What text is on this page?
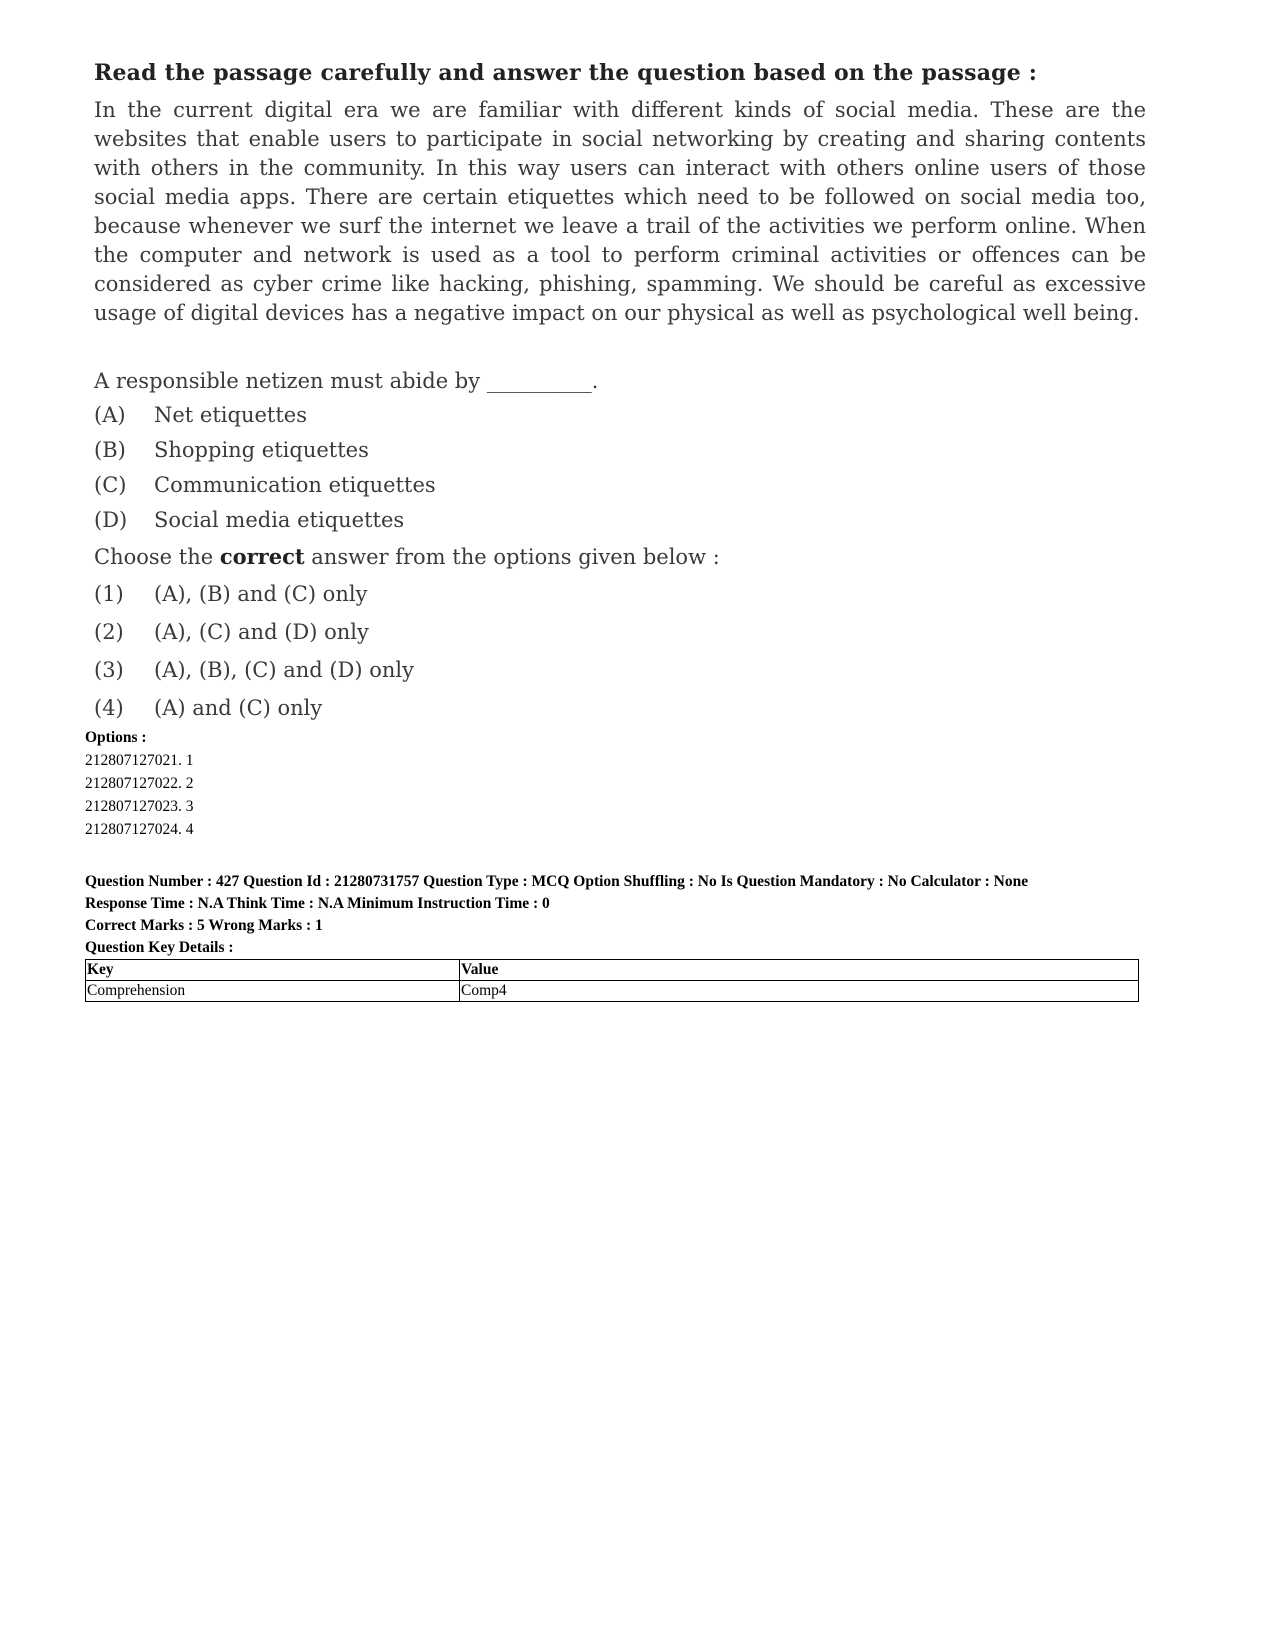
Read the passage carefully and answer the question based on the passage :

In the current digital era we are familiar with different kinds of social media. These are the websites that enable users to participate in social networking by creating and sharing contents with others in the community. In this way users can interact with others online users of those social media apps. There are certain etiquettes which need to be followed on social media too, because whenever we surf the internet we leave a trail of the activities we perform online. When the computer and network is used as a tool to perform criminal activities or offences can be considered as cyber crime like hacking, phishing, spamming. We should be careful as excessive usage of digital devices has a negative impact on our physical as well as psychological well being.

A responsible netizen must abide by __________.
(A)	Net etiquettes
(B)	Shopping etiquettes
(C)	Communication etiquettes
(D)	Social media etiquettes
Choose the correct answer from the options given below :
(1)	(A), (B) and (C) only
(2)	(A), (C) and (D) only
(3)	(A), (B), (C) and (D) only
(4)	(A) and (C) only
Options :
212807127021. 1
212807127022. 2
212807127023. 3
212807127024. 4
Question Number : 427 Question Id : 21280731757 Question Type : MCQ Option Shuffling : No Is Question Mandatory : No Calculator : None
Response Time : N.A Think Time : N.A Minimum Instruction Time : 0
Correct Marks : 5 Wrong Marks : 1
Question Key Details :
Key	Value
Comprehension	Comp4
